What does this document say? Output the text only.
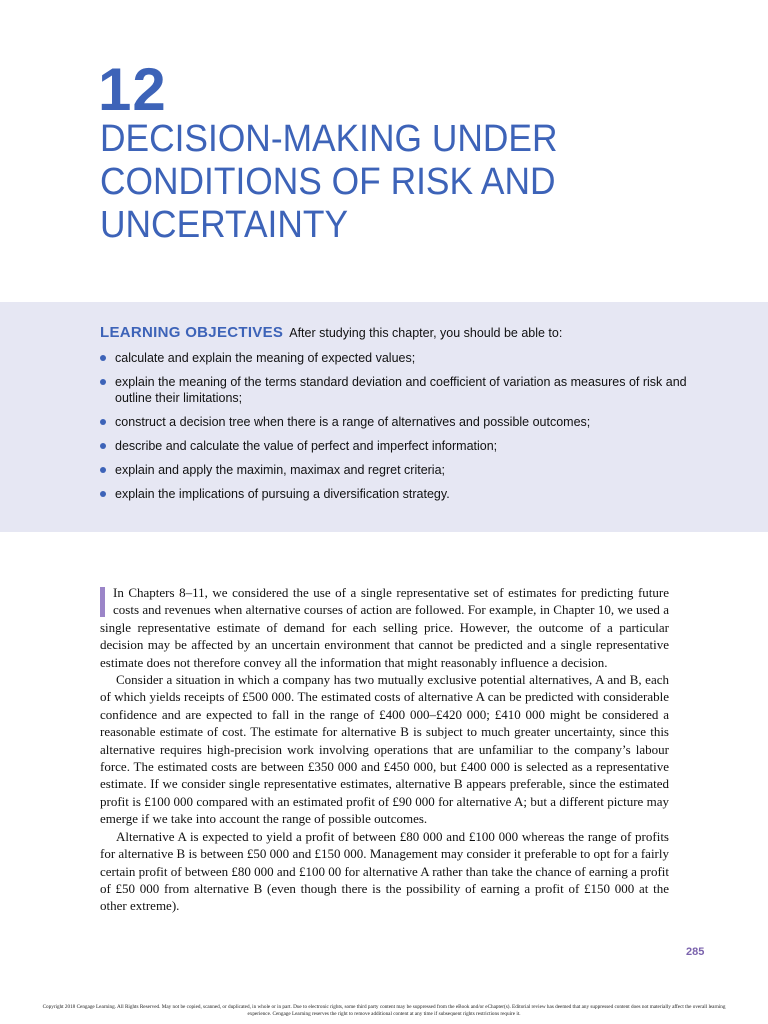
12
DECISION-MAKING UNDER CONDITIONS OF RISK AND UNCERTAINTY

LEARNING OBJECTIVES After studying this chapter, you should be able to:

calculate and explain the meaning of expected values;
explain the meaning of the terms standard deviation and coefficient of variation as measures of risk and outline their limitations;
construct a decision tree when there is a range of alternatives and possible outcomes;
describe and calculate the value of perfect and imperfect information;
explain and apply the maximin, maximax and regret criteria;
explain the implications of pursuing a diversification strategy.

In Chapters 8–11, we considered the use of a single representative set of estimates for predicting future costs and revenues when alternative courses of action are followed. For example, in Chapter 10, we used a single representative estimate of demand for each selling price. However, the outcome of a particular decision may be affected by an uncertain environment that cannot be predicted and a single representative estimate does not therefore convey all the information that might reasonably influence a decision.

Consider a situation in which a company has two mutually exclusive potential alternatives, A and B, each of which yields receipts of £500 000. The estimated costs of alternative A can be predicted with considerable confidence and are expected to fall in the range of £400 000–£420 000; £410 000 might be considered a reasonable estimate of cost. The estimate for alternative B is subject to much greater uncertainty, since this alternative requires high-precision work involving operations that are unfamiliar to the company’s labour force. The estimated costs are between £350 000 and £450 000, but £400 000 is selected as a representative estimate. If we consider single representative estimates, alternative B appears preferable, since the estimated profit is £100 000 compared with an estimated profit of £90 000 for alternative A; but a different picture may emerge if we take into account the range of possible outcomes.

Alternative A is expected to yield a profit of between £80 000 and £100 000 whereas the range of profits for alternative B is between £50 000 and £150 000. Management may consider it preferable to opt for a fairly certain profit of between £80 000 and £100 00 for alternative A rather than take the chance of earning a profit of £50 000 from alternative B (even though there is the possibility of earning a profit of £150 000 at the other extreme).

285

Copyright 2018 Cengage Learning. All Rights Reserved. May not be copied, scanned, or duplicated, in whole or in part. Due to electronic rights, some third party content may be suppressed from the eBook and/or eChapter(s). Editorial review has deemed that any suppressed content does not materially affect the overall learning experience. Cengage Learning reserves the right to remove additional content at any time if subsequent rights restrictions require it.
